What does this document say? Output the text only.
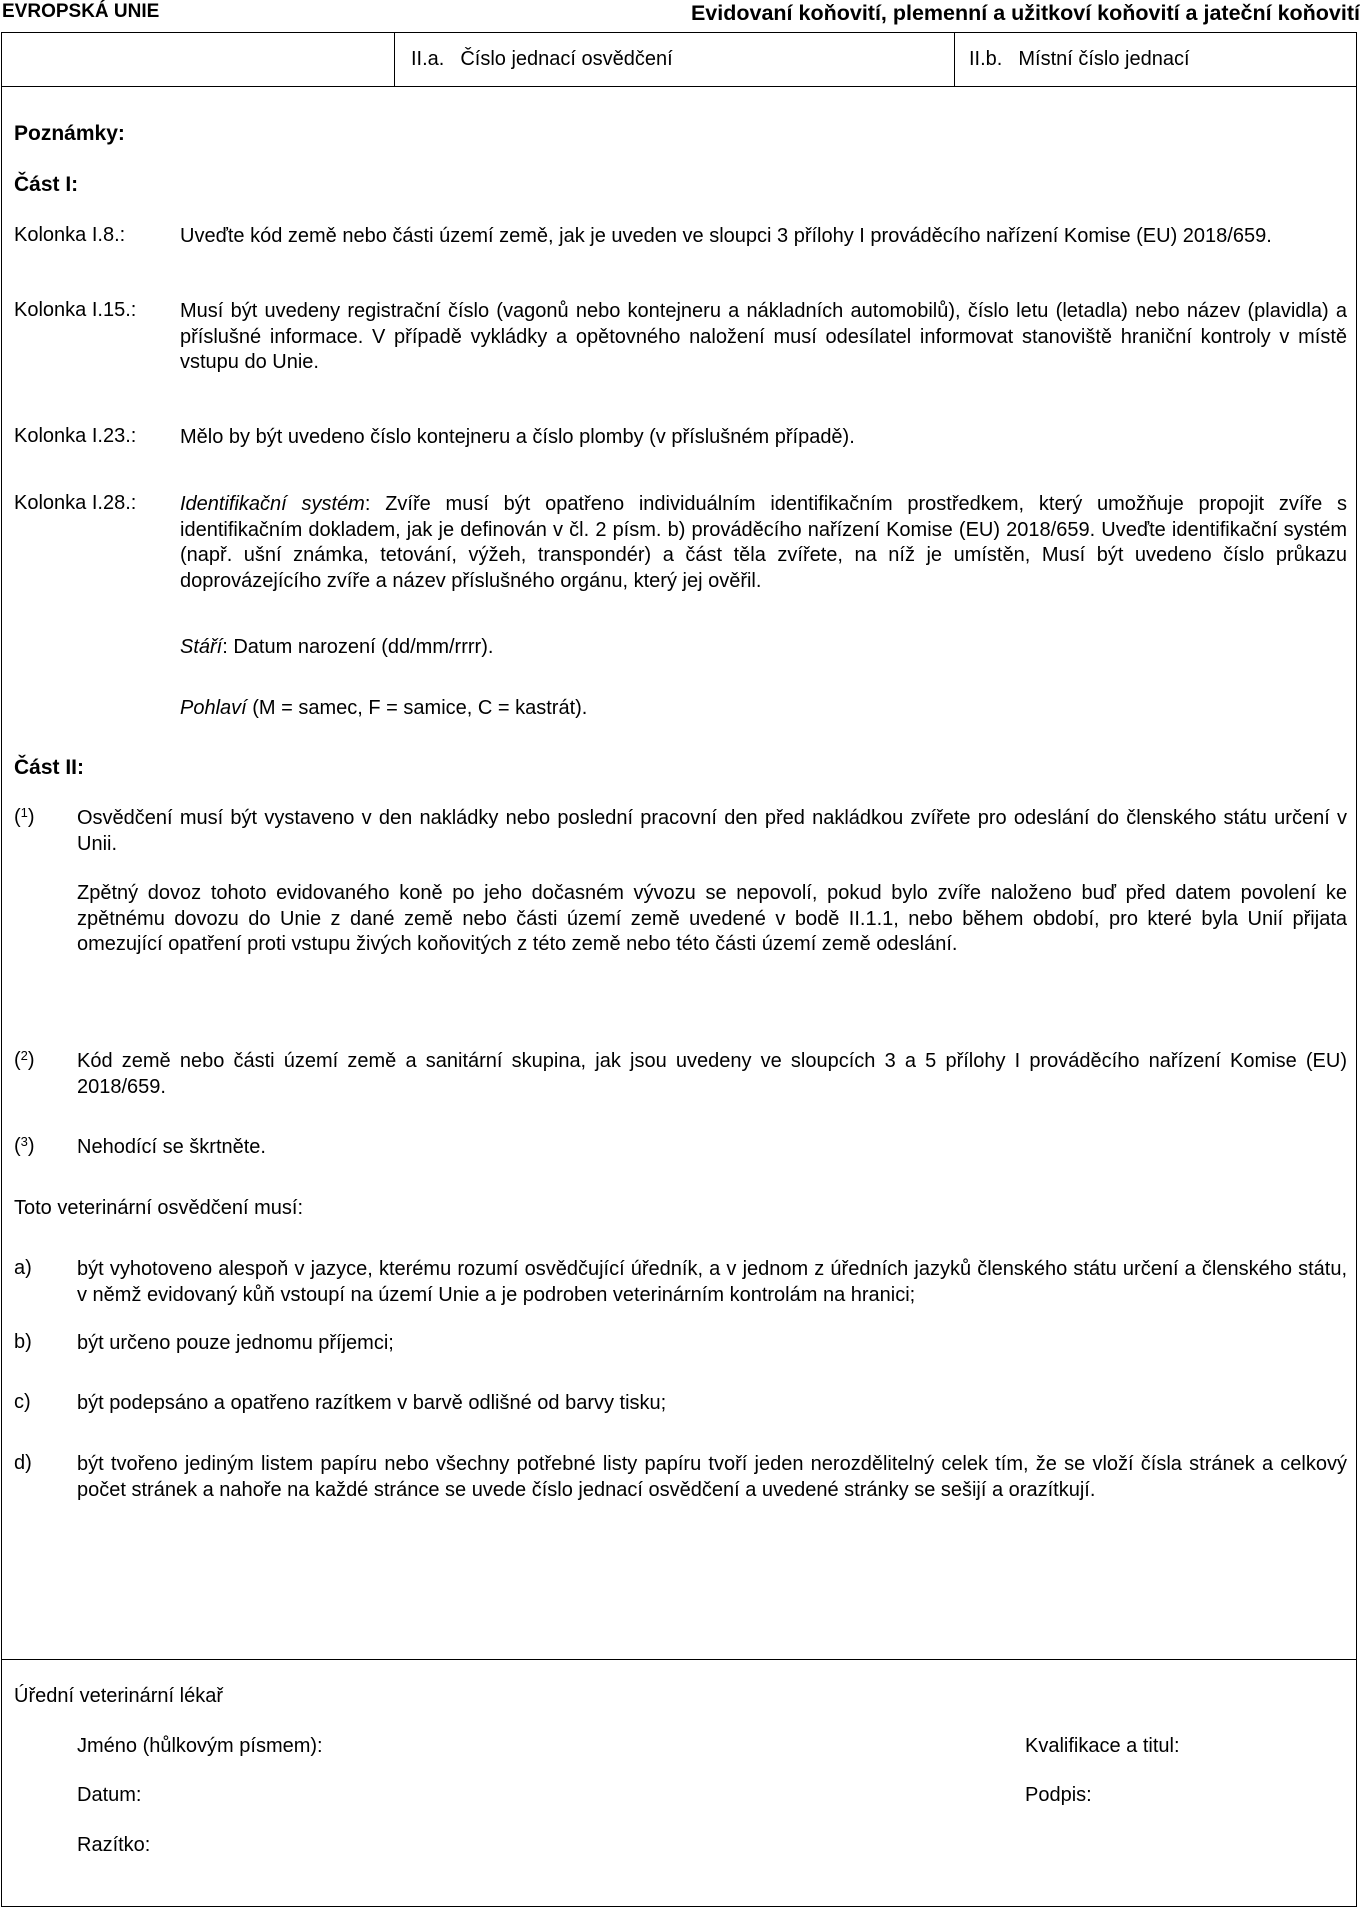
EVROPSKÁ UNIE	Evidovaní koňovití, plemenní a užitkoví koňovití a jateční koňovití
II.a. Číslo jednací osvědčení	II.b. Místní číslo jednací
Poznámky:
Část I:
Kolonka I.8.:	Uveďte kód země nebo části území země, jak je uveden ve sloupci 3 přílohy I prováděcího nařízení Komise (EU) 2018/659.
Kolonka I.15.: Musí být uvedeny registrační číslo (vagonů nebo kontejneru a nákladních automobilů), číslo letu (letadla) nebo název (plavidla) a příslušné informace. V případě vykládky a opětovného naložení musí odesílatel informovat stanoviště hraniční kontroly v místě vstupu do Unie.
Kolonka I.23.: Mělo by být uvedeno číslo kontejneru a číslo plomby (v příslušném případě).
Kolonka I.28.: Identifikační systém: Zvíře musí být opatřeno individuálním identifikačním prostředkem, který umožňuje propojit zvíře s identifikačním dokladem, jak je definován v čl. 2 písm. b) prováděcího nařízení Komise (EU) 2018/659. Uveďte identifikační systém (např. ušní známka, tetování, výžeh, transpondér) a část těla zvířete, na níž je umístěn, Musí být uvedeno číslo průkazu doprovázejícího zvíře a název příslušného orgánu, který jej ověřil.
Stáří: Datum narození (dd/mm/rrrr).
Pohlaví (M = samec, F = samice, C = kastrát).
Část II:
($^1$) Osvědčení musí být vystaveno v den nakládky nebo poslední pracovní den před nakládkou zvířete pro odeslání do členského státu určení v Unii.
Zpětný dovoz tohoto evidovaného koně po jeho dočasném vývozu se nepovolí, pokud bylo zvíře naloženo buď před datem povolení ke zpětnému dovozu do Unie z dané země nebo části území země uvedené v bodě II.1.1, nebo během období, pro které byla Unií přijata omezující opatření proti vstupu živých koňovitých z této země nebo této části území země odeslání.
($^2$) Kód země nebo části území země a sanitární skupina, jak jsou uvedeny ve sloupcích 3 a 5 přílohy I prováděcího nařízení Komise (EU) 2018/659.
($^3$) Nehodící se škrtněte.
Toto veterinární osvědčení musí:
a) být vyhotoveno alespoň v jazyce, kterému rozumí osvědčující úředník, a v jednom z úředních jazyků členského státu určení a členského státu, v němž evidovaný kůň vstoupí na území Unie a je podroben veterinárním kontrolám na hranici;
b) být určeno pouze jednomu příjemci;
c) být podepsáno a opatřeno razítkem v barvě odlišné od barvy tisku;
d) být tvořeno jediným listem papíru nebo všechny potřebné listy papíru tvoří jeden nerozdělitelný celek tím, že se vloží čísla stránek a celkový počet stránek a nahoře na každé stránce se uvede číslo jednací osvědčení a uvedené stránky se sešijí a orazítkují.
Úřední veterinární lékař
Jméno (hůlkovým písmem):	Kvalifikace a titul:
Datum:	Podpis:
Razítko:
